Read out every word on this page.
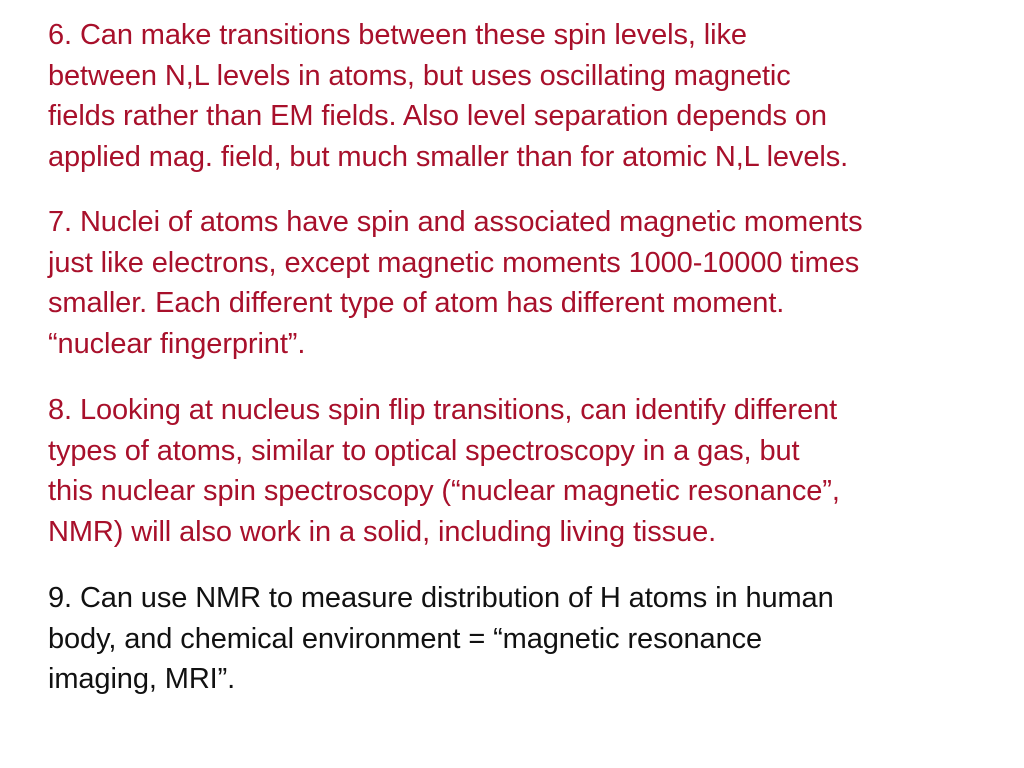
6. Can make transitions between these spin levels, like
between N,L levels in atoms, but uses oscillating magnetic
fields rather than EM fields. Also level separation depends on
applied mag. field, but much smaller than for atomic N,L levels.
7. Nuclei of atoms have spin and associated magnetic moments
just like electrons, except magnetic moments 1000-10000 times
smaller. Each different type of atom has different moment.
“nuclear fingerprint”.
8. Looking at nucleus spin flip transitions, can identify different
types of atoms, similar to optical spectroscopy in a gas, but
this nuclear spin spectroscopy (“nuclear magnetic resonance”,
NMR) will also work in a solid, including living tissue.
9. Can use NMR to measure distribution of H atoms in human
body, and chemical environment = “magnetic resonance
imaging, MRI”.
